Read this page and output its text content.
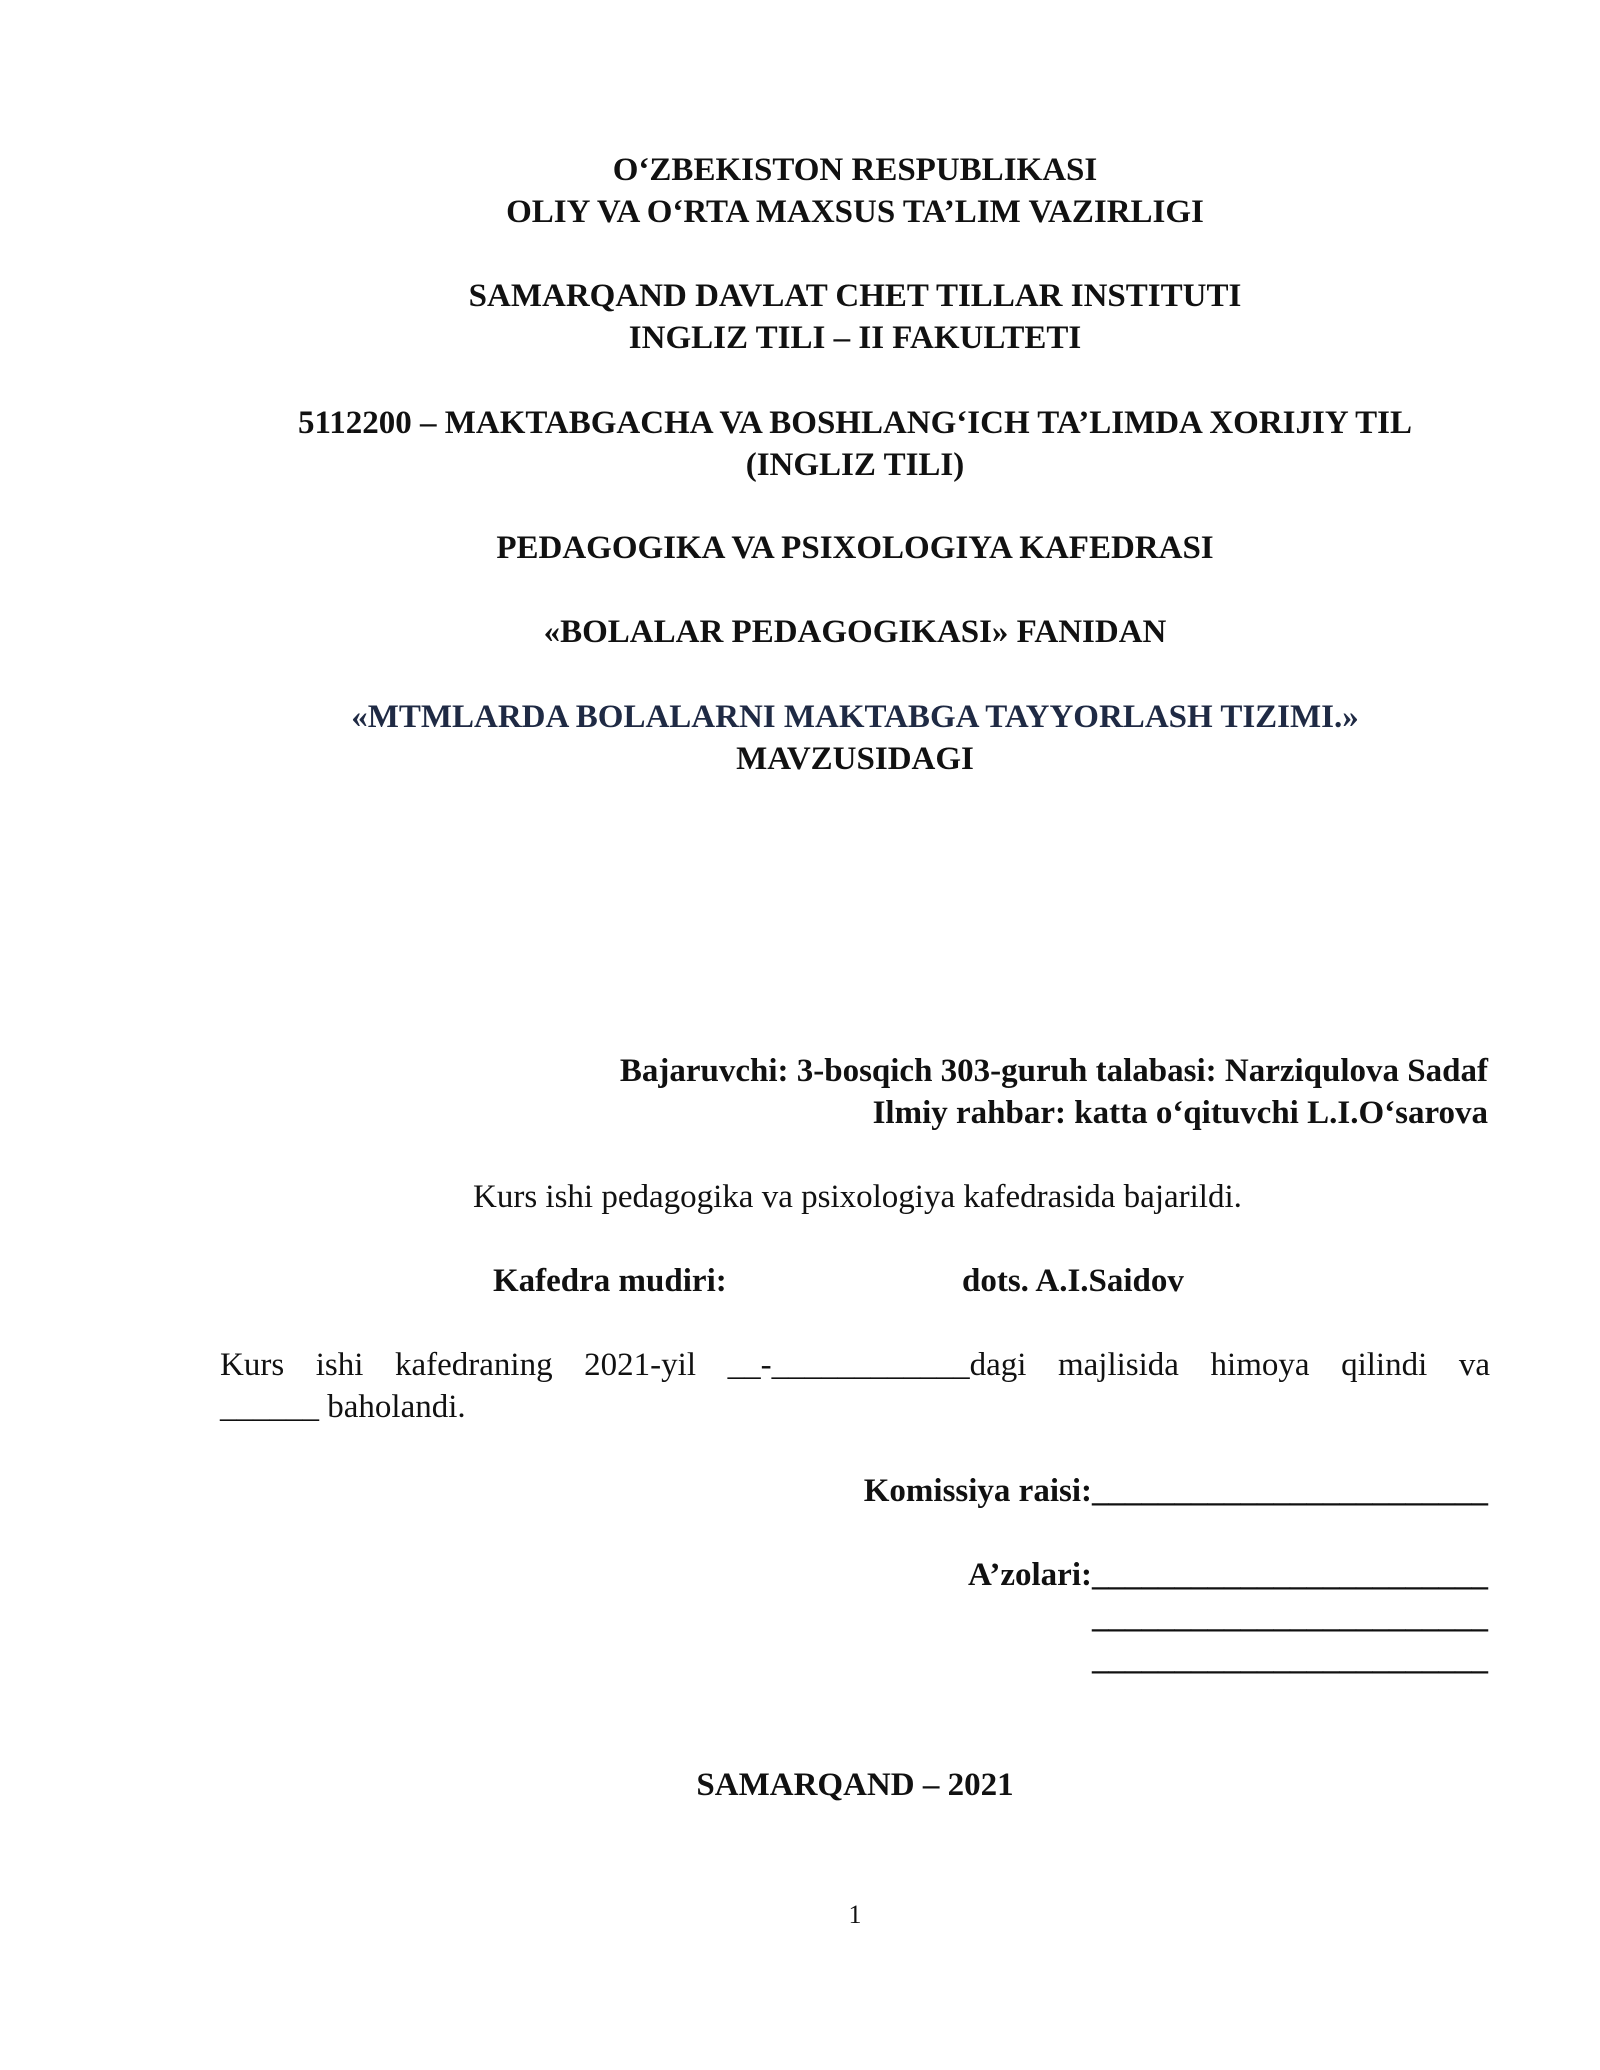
O‘ZBEKISTON RESPUBLIKASI
OLIY VA O‘RTA MAXSUS TA’LIM VAZIRLIGI
SAMARQAND DAVLAT CHET TILLAR INSTITUTI
INGLIZ TILI – II FAKULTETI
5112200 – MAKTABGACHA VA BOSHLANG‘ICH TA’LIMDA XORIJIY TIL
(INGLIZ TILI)
PEDAGOGIKA VA PSIXOLOGIYA KAFEDRASI
«BOLALAR PEDAGOGIKASI» FANIDAN
«MTMLARDA BOLALARNI MAKTABGA TAYYORLASH TIZIMI.»
MAVZUSIDAGI
Bajaruvchi: 3-bosqich 303-guruh talabasi: Narziqulova Sadaf
Ilmiy rahbar: katta o‘qituvchi L.I.O‘sarova
Kurs ishi pedagogika va psixologiya kafedrasida bajarildi.
Kafedra mudiri:	dots. A.I.Saidov
Kurs ishi kafedraning 2021-yil __-____________dagi majlisida himoya qilindi va
______ baholandi.
Komissiya raisi:________________________
A’zolari:________________________
________________________
________________________
SAMARQAND – 2021
1
